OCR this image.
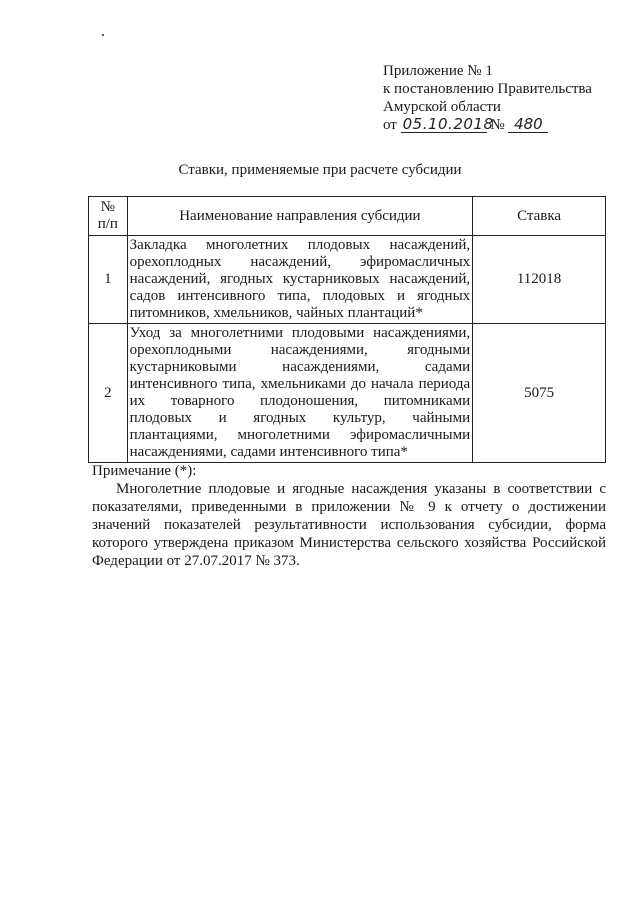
Приложение № 1
к постановлению Правительства
Амурской области
от 05.10.2018 № 480
Ставки, применяемые при расчете субсидии
№ п/п	Наименование направления субсидии	Ставка
1	Закладка многолетних плодовых насаждений, орехоплодных насаждений, эфиромасличных насаждений, ягодных кустарниковых насаждений, садов интенсивного типа, плодовых и ягодных питомников, хмельников, чайных плантаций*	112018
2	Уход за многолетними плодовыми насаждениями, орехоплодными насаждениями, ягодными кустарниковыми насаждениями, садами интенсивного типа, хмельниками до начала периода их товарного плодоношения, питомниками плодовых и ягодных культур, чайными плантациями, многолетними эфиромасличными насаждениями, садами интенсивного типа*	5075
Примечание (*):

Многолетние плодовые и ягодные насаждения указаны в соответствии с показателями, приведенными в приложении № 9 к отчету о достижении значений показателей результативности использования субсидии, форма которого утверждена приказом Министерства сельского хозяйства Российской Федерации от 27.07.2017 № 373.
